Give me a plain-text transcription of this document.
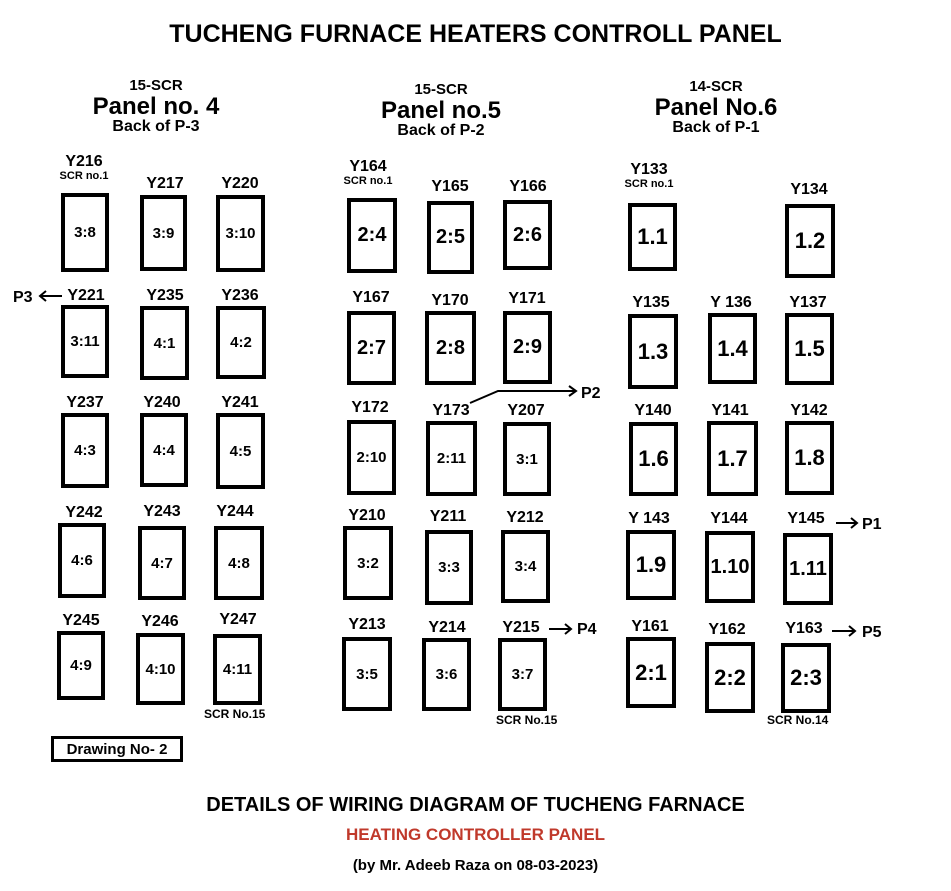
TUCHENG FURNACE HEATERS CONTROLL PANEL
15-SCR
Panel no. 4
Back of P-3
15-SCR
Panel no.5
Back of P-2
14-SCR
Panel No.6
Back of P-1
Y216
SCR no.1
3:8
Y217
3:9
Y220
3:10
Y221
3:11
Y235
4:1
Y236
4:2
Y237
4:3
Y240
4:4
Y241
4:5
Y242
4:6
Y243
4:7
Y244
4:8
Y245
4:9
Y246
4:10
Y247
4:11
SCR No.15
Y164
SCR no.1
2:4
Y165
2:5
Y166
2:6
Y167
2:7
Y170
2:8
Y171
2:9
Y172
2:10
Y173
2:11
Y207
3:1
Y210
3:2
Y211
3:3
Y212
3:4
Y213
3:5
Y214
3:6
Y215
3:7
SCR No.15
Y133
SCR no.1
1.1
Y134
1.2
Y135
1.3
Y 136
1.4
Y137
1.5
Y140
1.6
Y141
1.7
Y142
1.8
Y 143
1.9
Y144
1.10
Y145
1.11
Y161
2:1
Y162
2:2
Y163
2:3
SCR No.14
P3
P2
P1
P4	P5
Drawing No- 2
DETAILS OF WIRING DIAGRAM OF TUCHENG FARNACE
HEATING CONTROLLER PANEL
(by Mr. Adeeb Raza on 08-03-2023)
